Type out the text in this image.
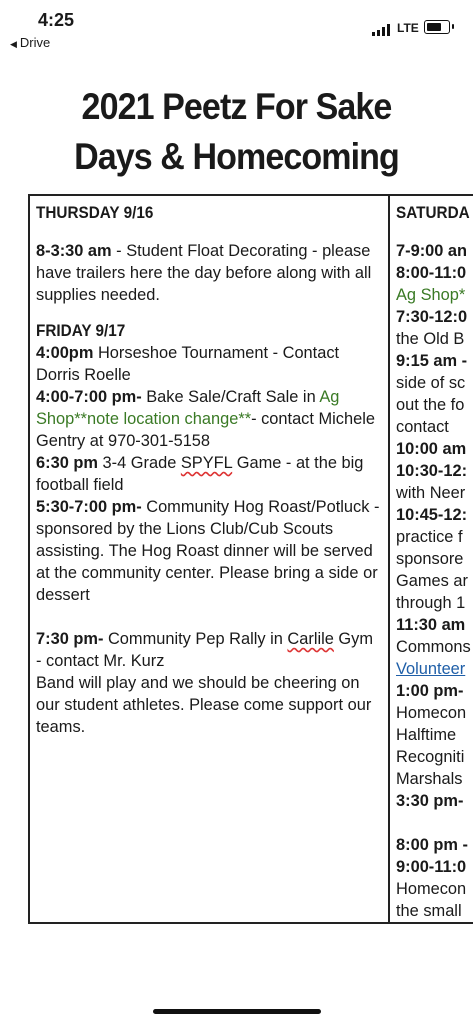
4:25
◀ Drive
LTE
2021 Peetz For Sake
Days & Homecoming
THURSDAY 9/16

8-3:30 am - Student Float Decorating - please have trailers here the day before along with all supplies needed.

FRIDAY 9/17

4:00pm Horseshoe Tournament - Contact Dorris Roelle

4:00-7:00 pm- Bake Sale/Craft Sale in Ag Shop**note location change**- contact Michele Gentry at 970-301-5158

6:30 pm 3-4 Grade SPYFL Game - at the big football field

5:30-7:00 pm- Community Hog Roast/Potluck - sponsored by the Lions Club/Cub Scouts assisting. The Hog Roast dinner will be served at the community center. Please bring a side or dessert

7:30 pm- Community Pep Rally in Carlile Gym - contact Mr. Kurz

Band will play and we should be cheering on our student athletes. Please come support our teams.

SATURDA
7-9:00 an
8:00-11:0
Ag Shop*
7:30-12:0
the Old B
9:15 am -
side of sc
out the fo
contact
10:00 am
10:30-12:
with Neer
10:45-12:
practice f
sponsore
Games ar
through 1
11:30 am
Commons
Volunteer
1:00 pm-
Homecon
Halftime
Recogniti
Marshals
3:30 pm-
8:00 pm -
9:00-11:0
Homecon
the small
